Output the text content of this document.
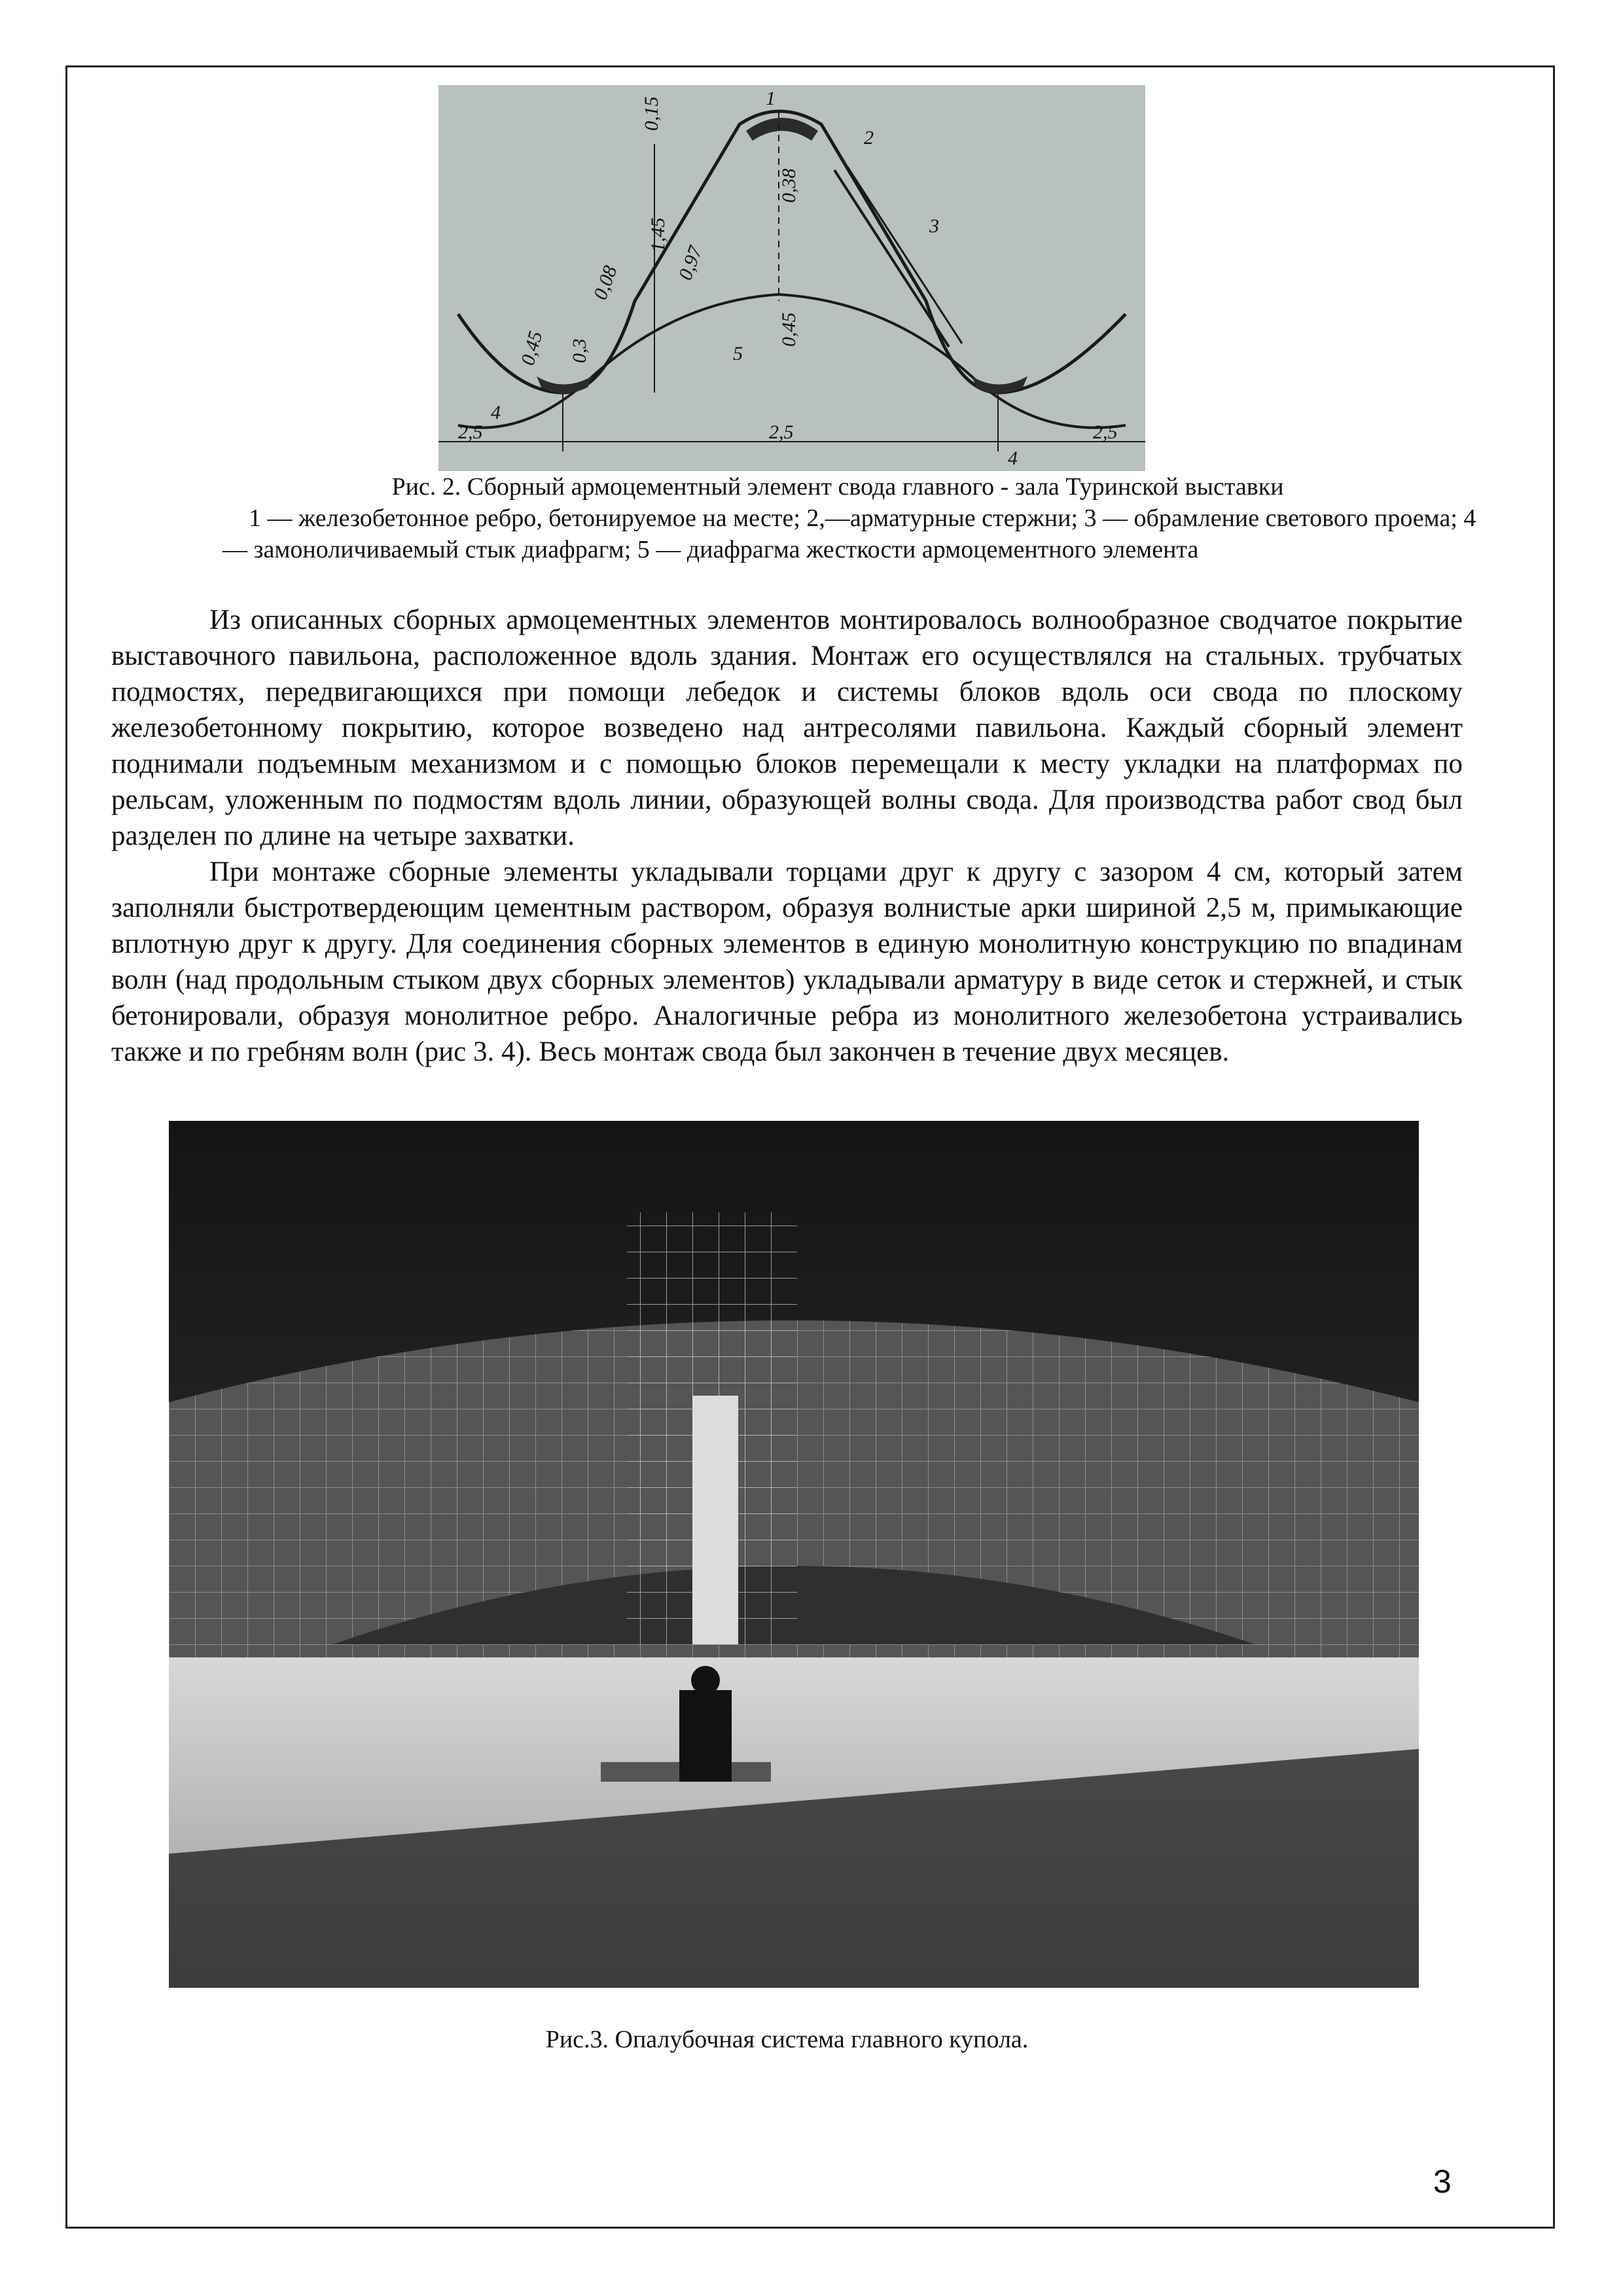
0,15
1,45
0,08	0,97
0,45 0,3
0,38
0,45
2,5	2,5	2,5
1
2
3
4
4
5
Рис. 2. Сборный армоцементный элемент свода главного - зала Туринской выставки
1 — железобетонное ребро, бетонируемое на месте; 2,—арматурные стержни; 3 — обрамление светового проема; 4 — замоноличиваемый стык диафрагм; 5 — диафрагма жесткости армоцементного элемента

Из описанных сборных армоцементных элементов монтировалось волнообразное сводчатое покрытие выставочного павильона, расположенное вдоль здания. Монтаж его осуществлялся на стальных. трубчатых подмостях, передвигающихся при помощи лебедок и системы блоков вдоль оси свода по плоскому железобетонному покрытию, которое возведено над антресолями павильона. Каждый сборный элемент поднимали подъемным механизмом и с помощью блоков перемещали к месту укладки на платформах по рельсам, уложенным по подмостям вдоль линии, образующей волны свода. Для производства работ свод был разделен по длине на четыре захватки.

При монтаже сборные элементы укладывали торцами друг к другу с зазором 4 см, который затем заполняли быстротвердеющим цементным раствором, образуя волнистые арки шириной 2,5 м, примыкающие вплотную друг к другу. Для соединения сборных элементов в единую монолитную конструкцию по впадинам волн (над продольным стыком двух сборных элементов) укладывали арматуру в виде сеток и стержней, и стык бетонировали, образуя монолитное ребро. Аналогичные ребра из монолитного железобетона устраивались также и по гребням волн (рис 3. 4). Весь монтаж свода был закончен в течение двух месяцев.

Рис.3. Опалубочная система главного купола.
3
